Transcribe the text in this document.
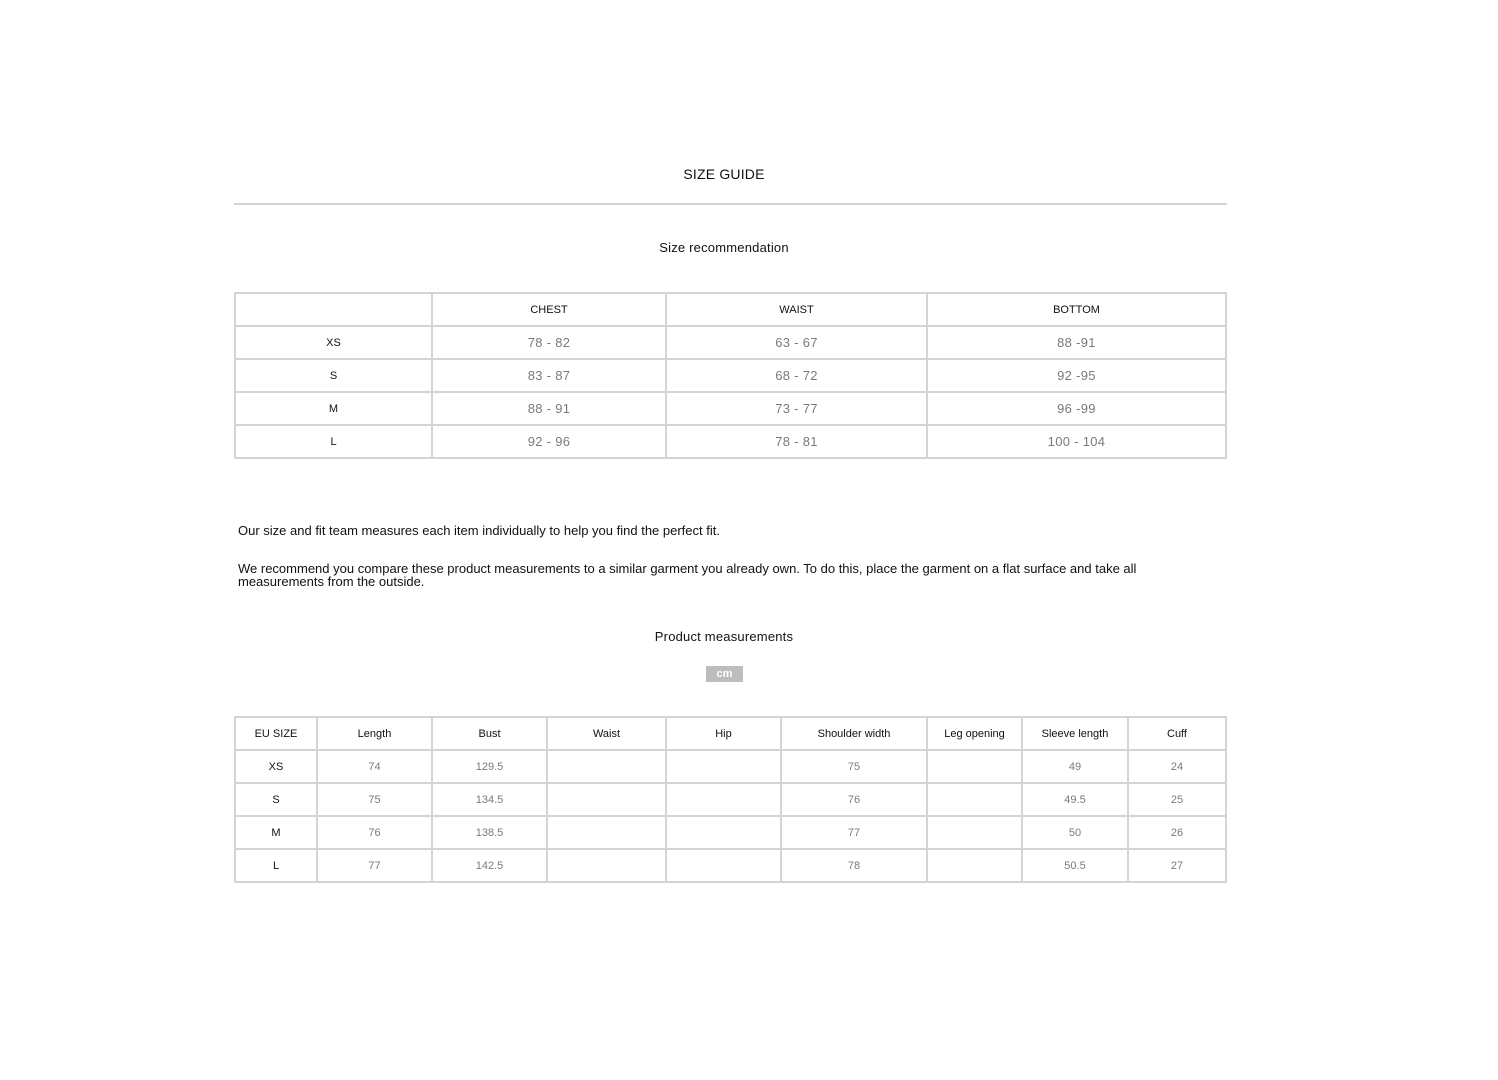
SIZE GUIDE
Size recommendation
	CHEST	WAIST	BOTTOM
XS	78 - 82	63 - 67	88 -91
S	83 - 87	68 - 72	92 -95
M	88 - 91	73 - 77	96 -99
L	92 - 96	78 - 81	100 - 104
Our size and fit team measures each item individually to help you find the perfect fit.
We recommend you compare these product measurements to a similar garment you already own. To do this, place the garment on a flat surface and take all measurements from the outside.
Product measurements
cm
EU SIZE	Length	Bust	Waist	Hip	Shoulder width	Leg opening	Sleeve length	Cuff
XS	74	129.5			75		49	24
S	75	134.5			76		49.5	25
M	76	138.5			77		50	26
L	77	142.5			78		50.5	27
